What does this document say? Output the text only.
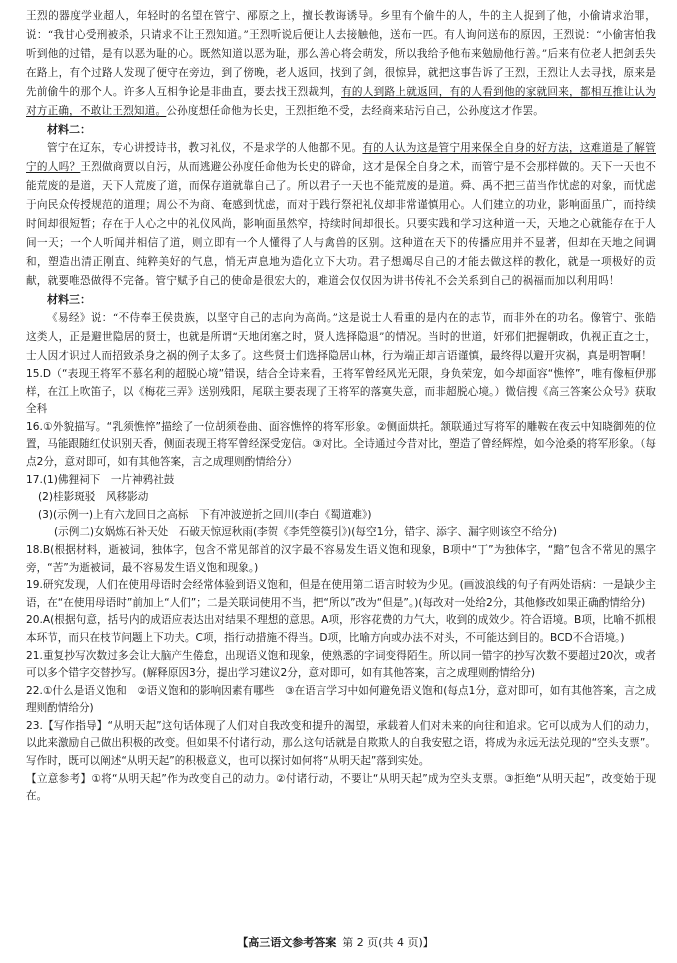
王烈的器度学业超人，年轻时的名望在管宁、邴原之上，擅长教诲诱导。乡里有个偷牛的人，牛的主人捉到了他，小偷请求治罪，说：“我甘心受刑被杀，只请求不让王烈知道。”王烈听说后便让人去接触他，送布一匹。有人询问送布的原因，王烈说：“小偷害怕我听到他的过错，是有以恶为耻的心。既然知道以恶为耻，那么善心将会萌发，所以我给予他布来勉励他行善。”后来有位老人把剑丢失在路上，有个过路人发现了便守在旁边，到了傍晚，老人返回，找到了剑，很惊异，就把这事告诉了王烈，王烈让人去寻找，原来是先前偷牛的那个人。许多人互相争论是非曲直，要去找王烈裁判，有的人到路上就返回，有的人看到他的家就回来，都相互推让认为对方正确，不敢让王烈知道。公孙度想任命他为长史，王烈拒绝不受，去经商来玷污自己，公孙度这才作罢。

材料二：

管宁在辽东，专心讲授诗书，教习礼仪，不是求学的人他都不见。有的人认为这是管宁用来保全自身的好方法，这难道是了解管宁的人吗？王烈做商贾以自污，从而逃避公孙度任命他为长史的辟命，这才是保全自身之术，而管宁是不会那样做的。天下一天也不能荒废的是道，天下人荒废了道，而保存道就靠自己了。所以君子一天也不能荒废的是道。舜、禹不把三苗当作忧虑的对象，而忧虑于向民众传授规范的道理；周公不为商、奄感到忧虑，而对于践行祭祀礼仪却非常谨慎用心。人们建立的功业，影响面虽广，而持续时间却很短暂；存在于人心之中的礼仪风尚，影响面虽然窄，持续时间却很长。只要实践和学习这种道一天，天地之心就能存在于人间一天；一个人听闻并相信了道，则立即有一个人懂得了人与禽兽的区别。这种道在天下的传播应用并不显著，但却在天地之间调和，塑造出清正刚直、纯粹美好的气息，悄无声息地为造化立下大功。君子想竭尽自己的才能去做这样的教化，就是一项极好的贡献，就要唯恐做得不完备。管宁赋予自己的使命是很宏大的，难道会仅仅因为讲书传礼不会关系到自己的祸福而加以利用吗！

材料三：

《易经》说：“不侍奉王侯贵族，以坚守自己的志向为高尚。”这是说士人看重的是内在的志节，而非外在的功名。像管宁、张皓这类人，正是避世隐居的贤士，也就是所谓“天地闭塞之时，贤人选择隐退”的情况。当时的世道，奸邪们把握朝政，仇视正直之士，士人因才识过人而招致杀身之祸的例子太多了。这些贤士们选择隐居山林，行为端正却言语谨慎，最终得以避开灾祸，真是明智啊！

15.D（“表现王将军不慕名利的超脱心境”错误，结合全诗来看，王将军曾经风光无限，身负荣宠，如今却面容“憔悴”，唯有像桓伊那样，在江上吹笛子，以《梅花三弄》送别残阳，尾联主要表现了王将军的落寞失意，而非超脱心境。）微信搜《高三答案公众号》获取全科

16.①外貌描写。“乳须憔悴”描绘了一位胡须卷曲、面容憔悴的将军形象。②侧面烘托。颔联通过写将军的雕鞍在夜云中知晓御苑的位置，马能跟随红仗识别天香，侧面表现王将军曾经深受宠信。③对比。全诗通过今昔对比，塑造了曾经辉煌，如今沧桑的将军形象。（每点2分，意对即可，如有其他答案，言之成理则酌情给分）

17.(1)佛狸祠下　一片神鸦社鼓

(2)桂影斑驳　风移影动

(3)(示例一)上有六龙回日之高标　下有冲波逆折之回川(李白《蜀道难》)

(示例二)女娲炼石补天处　石破天惊逗秋雨(李贺《李凭箜篌引》)(每空1分，错字、添字、漏字则该空不给分)

18.B(根据材料，逝被词，独体字，包含不常见部首的汉字最不容易发生语义饱和现象，B项中“丁”为独体字，“黯”包含不常见的黑字旁，“苦”为逝被词，最不容易发生语义饱和现象。)

19.研究发现，人们在使用母语时会经常体验到语义饱和，但是在使用第二语言时较为少见。(画波浪线的句子有两处语病：一是缺少主语，在“在使用母语时”前加上“人们”；二是关联词使用不当，把“所以”改为“但是”。)(每改对一处给2分，其他修改如果正确酌情给分)

20.A(根据句意，括号内的成语应表达出对结果不理想的意思。A项，形容花费的力气大，收到的成效少。符合语境。B项，比喻不抓根本环节，而只在枝节问题上下功夫。C项，指行动措施不得当。D项，比喻方向或办法不对头，不可能达到目的。BCD不合语境。)

21.重复抄写次数过多会让大脑产生倦怠，出现语义饱和现象，使熟悉的字词变得陌生。所以同一错字的抄写次数不要超过20次，或者可以多个错字交替抄写。(解释原因3分，提出学习建议2分，意对即可，如有其他答案，言之成理则酌情给分)

22.①什么是语义饱和　②语义饱和的影响因素有哪些　③在语言学习中如何避免语义饱和(每点1分，意对即可，如有其他答案，言之成理则酌情给分)

23.【写作指导】“从明天起”这句话体现了人们对自我改变和提升的渴望，承载着人们对未来的向往和追求。它可以成为人们的动力，以此来激励自己做出积极的改变。但如果不付诸行动，那么这句话就是自欺欺人的自我安慰之语，将成为永远无法兑现的“空头支票”。写作时，既可以阐述“从明天起”的积极意义，也可以探讨如何将“从明天起”落到实处。

【立意参考】①将“从明天起”作为改变自己的动力。②付诸行动，不要让“从明天起”成为空头支票。③拒绝“从明天起”，改变始于现在。

【高三语文参考答案 第 2 页(共 4 页)】
